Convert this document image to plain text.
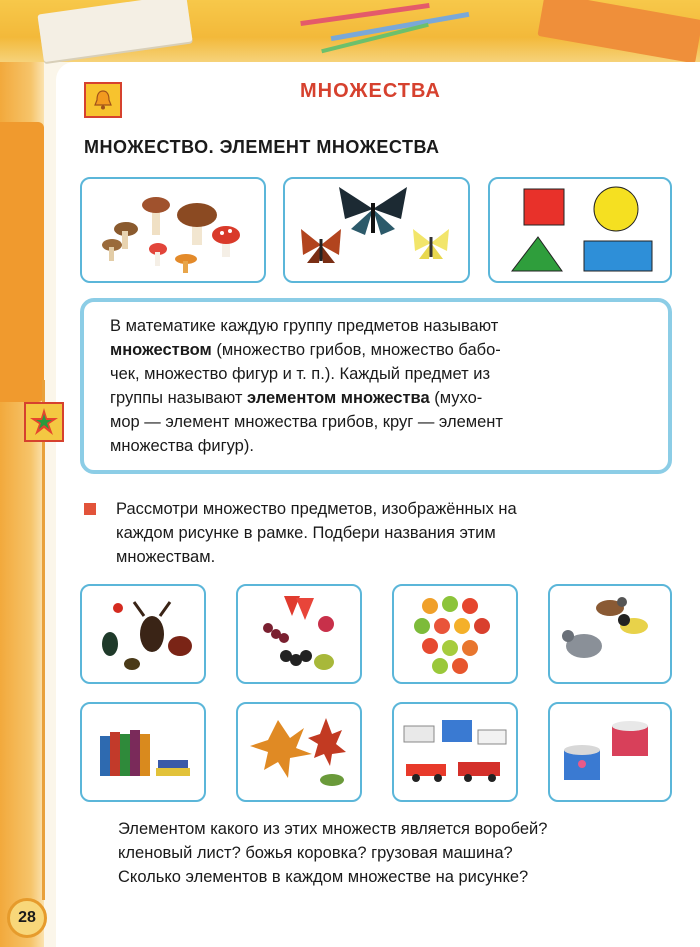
МНОЖЕСТВА
МНОЖЕСТВО. ЭЛЕМЕНТ МНОЖЕСТВА
В математике каждую группу предметов называют
множеством (множество грибов, множество бабо-
чек, множество фигур и т. п.). Каждый предмет из
группы называют элементом множества (мухо-
мор — элемент множества грибов, круг — элемент
множества фигур).
Рассмотри множество предметов, изображённых на
каждом рисунке в рамке. Подбери названия этим
множествам.
Элементом какого из этих множеств является воробей?
кленовый лист? божья коровка? грузовая машина?
Сколько элементов в каждом множестве на рисунке?
28
